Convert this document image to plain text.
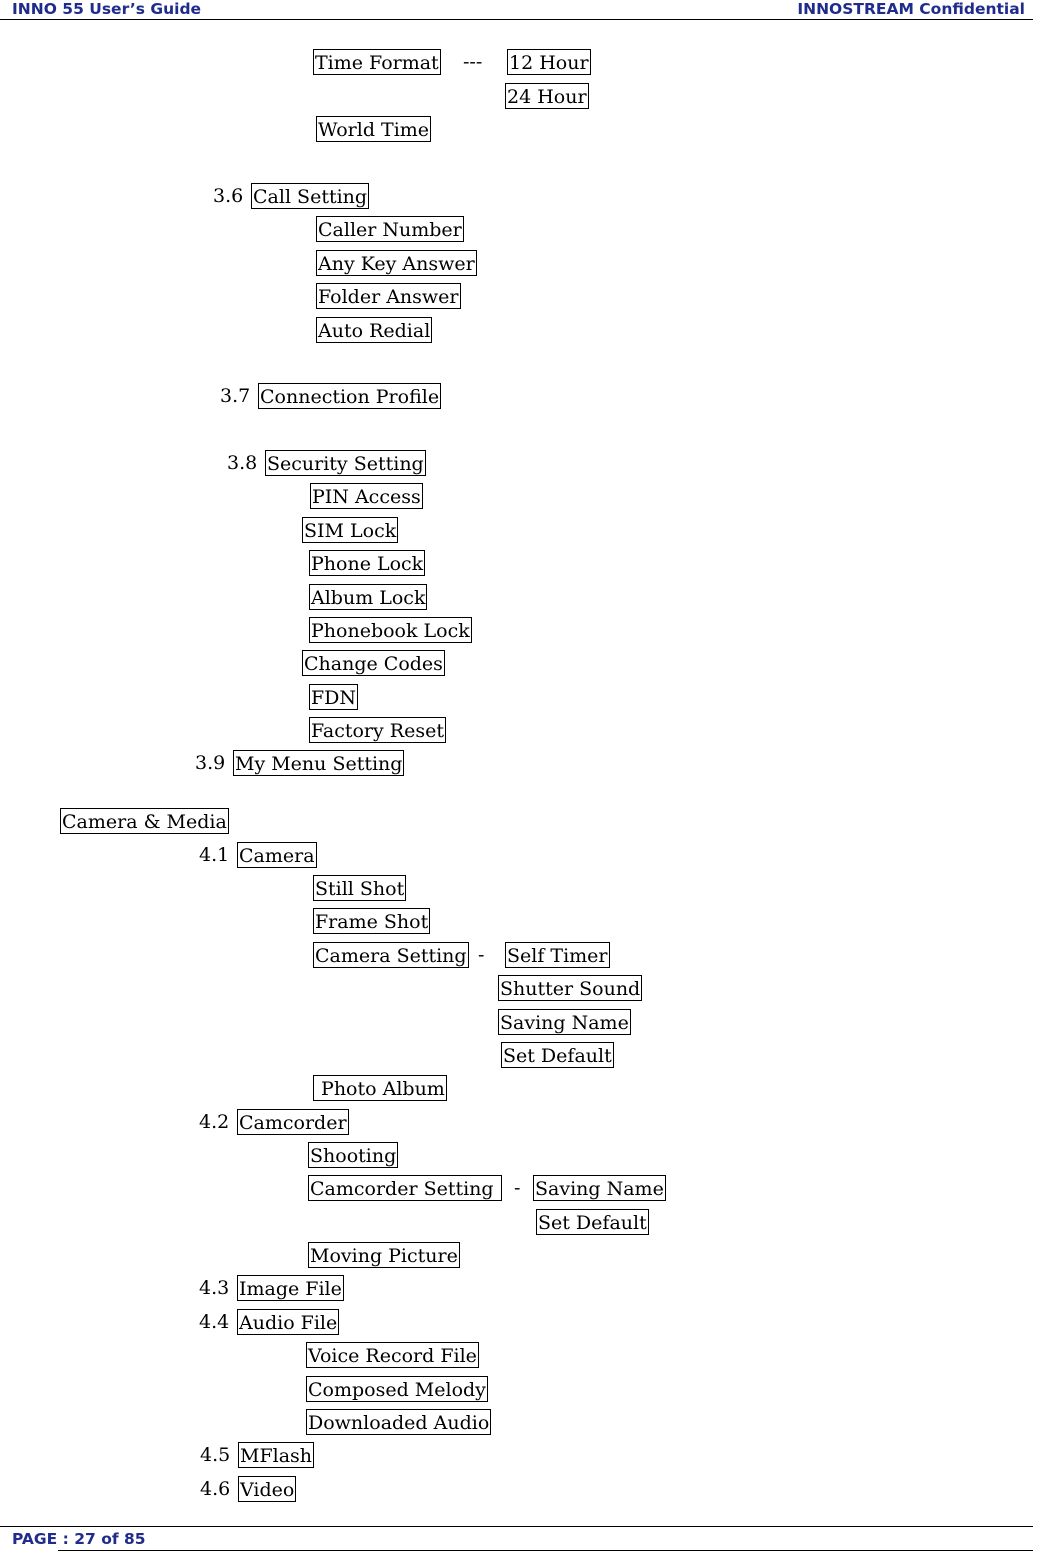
INNO 55 User’s Guide	INNOSTREAM Confidential
Time Format --- 12 Hour
24 Hour
World Time
3.6 Call Setting
Caller Number
Any Key Answer
Folder Answer
Auto Redial
3.7 Connection Profile
3.8 Security Setting
PIN Access
SIM Lock
Phone Lock
Album Lock
Phonebook Lock
Change Codes
FDN
Factory Reset
3.9 My Menu Setting
Camera & Media
4.1 Camera
Still Shot
Frame Shot
Camera Setting - Self Timer
Shutter Sound
Saving Name
Set Default
Photo Album
4.2 Camcorder
Shooting
Camcorder Setting - Saving Name
Set Default
Moving Picture
4.3 Image File
4.4 Audio File
Voice Record File
Composed Melody
Downloaded Audio
4.5 MFlash
4.6 Video
PAGE : 27 of 85
